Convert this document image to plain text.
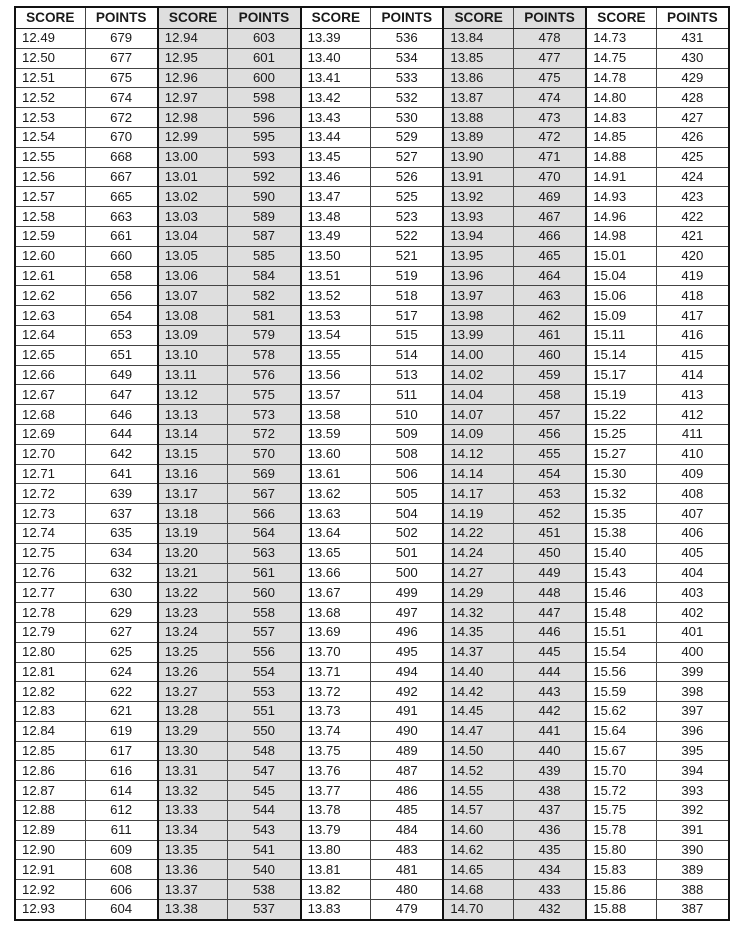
SCORE	POINTS	SCORE	POINTS	SCORE	POINTS	SCORE	POINTS	SCORE	POINTS
12.49	679	12.94	603	13.39	536	13.84	478	14.73	431
12.50	677	12.95	601	13.40	534	13.85	477	14.75	430
12.51	675	12.96	600	13.41	533	13.86	475	14.78	429
12.52	674	12.97	598	13.42	532	13.87	474	14.80	428
12.53	672	12.98	596	13.43	530	13.88	473	14.83	427
12.54	670	12.99	595	13.44	529	13.89	472	14.85	426
12.55	668	13.00	593	13.45	527	13.90	471	14.88	425
12.56	667	13.01	592	13.46	526	13.91	470	14.91	424
12.57	665	13.02	590	13.47	525	13.92	469	14.93	423
12.58	663	13.03	589	13.48	523	13.93	467	14.96	422
12.59	661	13.04	587	13.49	522	13.94	466	14.98	421
12.60	660	13.05	585	13.50	521	13.95	465	15.01	420
12.61	658	13.06	584	13.51	519	13.96	464	15.04	419
12.62	656	13.07	582	13.52	518	13.97	463	15.06	418
12.63	654	13.08	581	13.53	517	13.98	462	15.09	417
12.64	653	13.09	579	13.54	515	13.99	461	15.11	416
12.65	651	13.10	578	13.55	514	14.00	460	15.14	415
12.66	649	13.11	576	13.56	513	14.02	459	15.17	414
12.67	647	13.12	575	13.57	511	14.04	458	15.19	413
12.68	646	13.13	573	13.58	510	14.07	457	15.22	412
12.69	644	13.14	572	13.59	509	14.09	456	15.25	411
12.70	642	13.15	570	13.60	508	14.12	455	15.27	410
12.71	641	13.16	569	13.61	506	14.14	454	15.30	409
12.72	639	13.17	567	13.62	505	14.17	453	15.32	408
12.73	637	13.18	566	13.63	504	14.19	452	15.35	407
12.74	635	13.19	564	13.64	502	14.22	451	15.38	406
12.75	634	13.20	563	13.65	501	14.24	450	15.40	405
12.76	632	13.21	561	13.66	500	14.27	449	15.43	404
12.77	630	13.22	560	13.67	499	14.29	448	15.46	403
12.78	629	13.23	558	13.68	497	14.32	447	15.48	402
12.79	627	13.24	557	13.69	496	14.35	446	15.51	401
12.80	625	13.25	556	13.70	495	14.37	445	15.54	400
12.81	624	13.26	554	13.71	494	14.40	444	15.56	399
12.82	622	13.27	553	13.72	492	14.42	443	15.59	398
12.83	621	13.28	551	13.73	491	14.45	442	15.62	397
12.84	619	13.29	550	13.74	490	14.47	441	15.64	396
12.85	617	13.30	548	13.75	489	14.50	440	15.67	395
12.86	616	13.31	547	13.76	487	14.52	439	15.70	394
12.87	614	13.32	545	13.77	486	14.55	438	15.72	393
12.88	612	13.33	544	13.78	485	14.57	437	15.75	392
12.89	611	13.34	543	13.79	484	14.60	436	15.78	391
12.90	609	13.35	541	13.80	483	14.62	435	15.80	390
12.91	608	13.36	540	13.81	481	14.65	434	15.83	389
12.92	606	13.37	538	13.82	480	14.68	433	15.86	388
12.93	604	13.38	537	13.83	479	14.70	432	15.88	387
